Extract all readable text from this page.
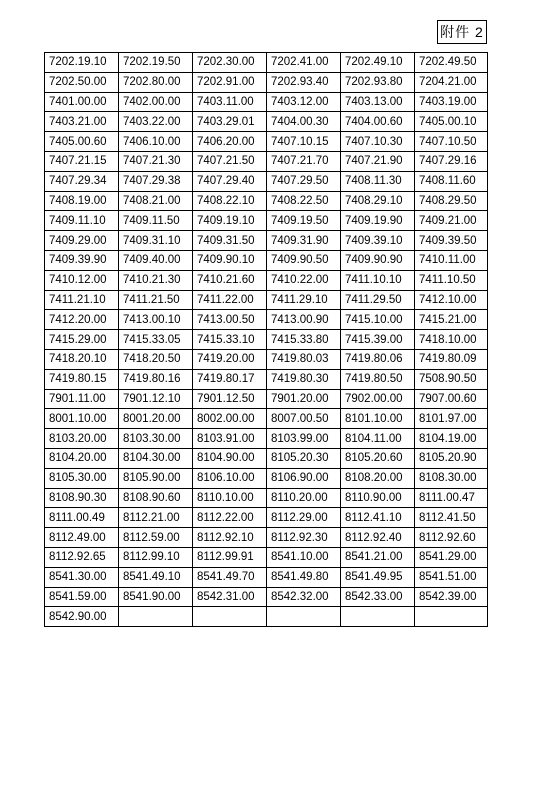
附件 2
7202.19.10	7202.19.50	7202.30.00	7202.41.00	7202.49.10	7202.49.50
7202.50.00	7202.80.00	7202.91.00	7202.93.40	7202.93.80	7204.21.00
7401.00.00	7402.00.00	7403.11.00	7403.12.00	7403.13.00	7403.19.00
7403.21.00	7403.22.00	7403.29.01	7404.00.30	7404.00.60	7405.00.10
7405.00.60	7406.10.00	7406.20.00	7407.10.15	7407.10.30	7407.10.50
7407.21.15	7407.21.30	7407.21.50	7407.21.70	7407.21.90	7407.29.16
7407.29.34	7407.29.38	7407.29.40	7407.29.50	7408.11.30	7408.11.60
7408.19.00	7408.21.00	7408.22.10	7408.22.50	7408.29.10	7408.29.50
7409.11.10	7409.11.50	7409.19.10	7409.19.50	7409.19.90	7409.21.00
7409.29.00	7409.31.10	7409.31.50	7409.31.90	7409.39.10	7409.39.50
7409.39.90	7409.40.00	7409.90.10	7409.90.50	7409.90.90	7410.11.00
7410.12.00	7410.21.30	7410.21.60	7410.22.00	7411.10.10	7411.10.50
7411.21.10	7411.21.50	7411.22.00	7411.29.10	7411.29.50	7412.10.00
7412.20.00	7413.00.10	7413.00.50	7413.00.90	7415.10.00	7415.21.00
7415.29.00	7415.33.05	7415.33.10	7415.33.80	7415.39.00	7418.10.00
7418.20.10	7418.20.50	7419.20.00	7419.80.03	7419.80.06	7419.80.09
7419.80.15	7419.80.16	7419.80.17	7419.80.30	7419.80.50	7508.90.50
7901.11.00	7901.12.10	7901.12.50	7901.20.00	7902.00.00	7907.00.60
8001.10.00	8001.20.00	8002.00.00	8007.00.50	8101.10.00	8101.97.00
8103.20.00	8103.30.00	8103.91.00	8103.99.00	8104.11.00	8104.19.00
8104.20.00	8104.30.00	8104.90.00	8105.20.30	8105.20.60	8105.20.90
8105.30.00	8105.90.00	8106.10.00	8106.90.00	8108.20.00	8108.30.00
8108.90.30	8108.90.60	8110.10.00	8110.20.00	8110.90.00	8111.00.47
8111.00.49	8112.21.00	8112.22.00	8112.29.00	8112.41.10	8112.41.50
8112.49.00	8112.59.00	8112.92.10	8112.92.30	8112.92.40	8112.92.60
8112.92.65	8112.99.10	8112.99.91	8541.10.00	8541.21.00	8541.29.00
8541.30.00	8541.49.10	8541.49.70	8541.49.80	8541.49.95	8541.51.00
8541.59.00	8541.90.00	8542.31.00	8542.32.00	8542.33.00	8542.39.00
8542.90.00					
